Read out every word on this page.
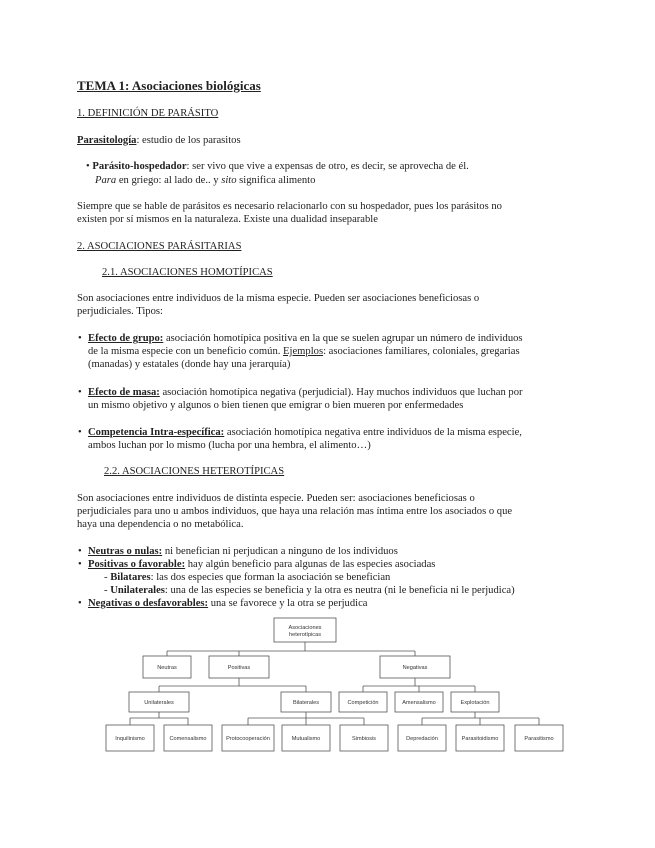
TEMA 1: Asociaciones biológicas
1. DEFINICIÓN DE PARÁSITO
Parasitología: estudio de los parasitos
• Parásito-hospedador: ser vivo que vive a expensas de otro, es decir, se aprovecha de él.
Para en griego: al lado de.. y sito significa alimento
Siempre que se hable de parásitos es necesario relacionarlo con su hospedador, pues los parásitos no
existen por sí mismos en la naturaleza. Existe una dualidad inseparable
2. ASOCIACIONES PARÁSITARIAS
2.1. ASOCIACIONES HOMOTÍPICAS
Son asociaciones entre individuos de la misma especie. Pueden ser asociaciones beneficiosas o
perjudiciales. Tipos:
• Efecto de grupo: asociación homotípica positiva en la que se suelen agrupar un número de individuos
de la misma especie con un beneficio común. Ejemplos: asociaciones familiares, coloniales, gregarias
(manadas) y estatales (donde hay una jerarquía)
• Efecto de masa: asociación homotípica negativa (perjudicial). Hay muchos individuos que luchan por
un mismo objetivo y algunos o bien tienen que emigrar o bien mueren por enfermedades
• Competencia Intra-específica: asociación homotípica negativa entre individuos de la misma especie,
ambos luchan por lo mismo (lucha por una hembra, el alimento…)
2.2. ASOCIACIONES HETEROTÍPICAS
Son asociaciones entre individuos de distinta especie. Pueden ser: asociaciones beneficiosas o
perjudiciales para uno u ambos individuos, que haya una relación mas íntima entre los asociados o que
haya una dependencia o no metabólica.
• Neutras o nulas: ni benefician ni perjudican a ninguno de los individuos
• Positivas o favorable: hay algún beneficio para algunas de las especies asociadas
- Bilatares: las dos especies que forman la asociación se benefician
- Unilaterales: una de las especies se beneficia y la otra es neutra (ni le beneficia ni le perjudica)
• Negativas o desfavorables: una se favorece y la otra se perjudica
Asociaciones
heterotípicas
Neutras	Positivas	Negativas
Unilaterales	Bilaterales	Competición	Amensalismo	Explotación
Inquilinismo	Comensalismo	Protocooperación	Mutualismo	Simbiosis	Depredación	Parasitoidismo	Parasitismo
